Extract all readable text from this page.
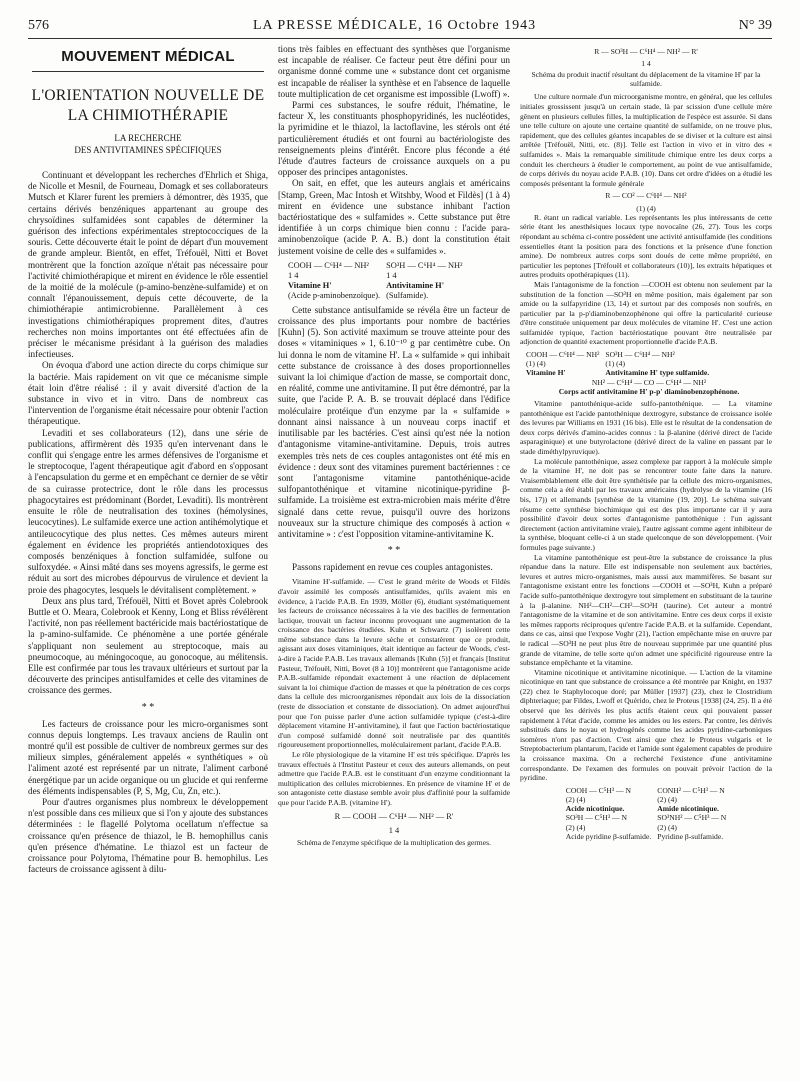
576	LA PRESSE MÉDICALE, 16 Octobre 1943	N° 39
MOUVEMENT MÉDICAL
L'ORIENTATION NOUVELLE DE LA CHIMIOTHÉRAPIE
LA RECHERCHE
DES ANTIVITAMINES SPÉCIFIQUES

Continuant et développant les recherches d'Ehrlich et Shiga, de Nicolle et Mesnil, de Fourneau, Domagk et ses collaborateurs Mutsch et Klarer furent les premiers à démontrer, dès 1935, que certains dérivés benzéniques appartenant au groupe des chrysoïdines sulfamidées sont capables de déterminer la guérison des infections expérimentales streptococciques de la souris. Cette découverte était le point de départ d'un mouvement de grande ampleur. Bientôt, en effet, Tréfouël, Nitti et Bovet montrèrent que la fonction azoïque n'était pas nécessaire pour l'activité chimiothérapique et mirent en évidence le rôle essentiel de la moitié de la molécule (p-amino-benzène-sulfamide) et on connaît l'épanouissement, depuis cette découverte, de la chimiothérapie antimicrobienne. Parallèlement à ces investigations chimiothérapiques proprement dites, d'autres recherches non moins importantes ont été effectuées afin de préciser le mécanisme présidant à la guérison des maladies infectieuses.

On évoqua d'abord une action directe du corps chimique sur la bactérie. Mais rapidement on vit que ce mécanisme simple était loin d'être réalisé : il y avait diversité d'action de la substance in vivo et in vitro. Dans de nombreux cas l'intervention de l'organisme était nécessaire pour obtenir l'action thérapeutique.

Levaditi et ses collaborateurs (12), dans une série de publications, affirmèrent dès 1935 qu'en intervenant dans le conflit qui s'engage entre les armes défensives de l'organisme et le streptocoque, l'agent thérapeutique agit d'abord en s'opposant à l'encapsulation du germe et en empêchant ce dernier de se vêtir de sa cuirasse protectrice, dont le rôle dans les processus phagocytaires est prédominant (Bordet, Levaditi). Ils montrèrent ensuite le rôle de neutralisation des toxines (hémolysines, leucocytines). Le sulfamide exerce une action antihémolytique et antileucocytique des plus nettes. Ces mêmes auteurs mirent également en évidence les propriétés antiendotoxiques des composés benzéniques à fonction sulfamidée, sulfone ou sulfoxydée. « Ainsi mâté dans ses moyens agressifs, le germe est réduit au sort des microbes dépourvus de virulence et devient la proie des phagocytes, lesquels le dévitalisent complètement. »

Deux ans plus tard, Tréfouël, Nitti et Bovet après Colebrook Buttle et O. Meara, Colebrook et Kenny, Long et Bliss révélèrent l'activité, non pas réellement bactéricide mais bactériostatique de la p-amino-sulfamide. Ce phénomène a une portée générale s'appliquant non seulement au streptocoque, mais au pneumocoque, au méningocoque, au gonocoque, au mélitensis. Elle est confirmée par tous les travaux ultérieurs et surtout par la découverte des principes antisulfamides et celle des vitamines de croissance des germes.

* *

Les facteurs de croissance pour les micro-organismes sont connus depuis longtemps. Les travaux anciens de Raulin ont montré qu'il est possible de cultiver de nombreux germes sur des milieux simples, généralement appelés « synthétiques » où l'aliment azoté est représenté par un nitrate, l'aliment carboné énergétique par un acide organique ou un glucide et qui renferme des éléments indispensables (P, S, Mg, Cu, Zn, etc.).

Pour d'autres organismes plus nombreux le développement n'est possible dans ces milieux que si l'on y ajoute des substances déterminées : le flagellé Polytoma ocellatum n'effectue sa croissance qu'en présence de thiazol, le B. hemophillus canis qu'en présence d'hématine. Le thiazol est un facteur de croissance pour Polytoma, l'hématine pour B. hemophilus. Les facteurs de croissance agissent à dilu-

tions très faibles en effectuant des synthèses que l'organisme est incapable de réaliser. Ce facteur peut être défini pour un organisme donné comme une « substance dont cet organisme est incapable de réaliser la synthèse et en l'absence de laquelle toute multiplication de cet organisme est impossible (Lwoff) ».

Parmi ces substances, le soufre réduit, l'hématine, le facteur X, les constituants phosphopyridinés, les nucléotides, la pyrimidine et le thiazol, la lactoflavine, les stérols ont été particulièrement étudiés et ont fourni au bactériologiste des renseignements pleins d'intérêt. Encore plus féconde a été l'étude d'autres facteurs de croissance auxquels on a pu opposer des principes antagonistes.

On sait, en effet, que les auteurs anglais et américains [Stamp, Green, Mac Intosh et Witshby, Wood et Fildès] (1 à 4) mirent en évidence une substance inhibant l'action bactériostatique des « sulfamides ». Cette substance put être identifiée à un corps chimique bien connu : l'acide para-aminobenzoïque (acide P. A. B.) dont la constitution était justement voisine de celle des « sulfamides ».

COOH — C⁶H⁴ — NH²	SO³H — C⁶H⁴ — NH²
1 4	1 4
Vitamine H'	Antivitamine H'
(Acide p-aminobenzoïque).	(Sulfamide).

Cette substance antisulfamide se révéla être un facteur de croissance des plus importants pour nombre de bactéries [Kuhn] (5). Son activité maximum se trouve atteinte pour des doses « vitaminiques » 1, 6.10⁻¹⁰ g par centimètre cube. On lui donna le nom de vitamine H'. La « sulfamide » qui inhibait cette substance de croissance à des doses proportionnelles suivant la loi chimique d'action de masse, se comportait donc, en réalité, comme une antivitamine. Il put être démontré, par la suite, que l'acide P. A. B. se trouvait déplacé dans l'édifice moléculaire protéique d'un enzyme par la « sulfamide » donnant ainsi naissance à un nouveau corps inactif et inutilisable par les bactéries. C'est ainsi qu'est née la notion d'antagonisme vitamine-antivitamine. Depuis, trois autres exemples très nets de ces couples antagonistes ont été mis en évidence : deux sont des vitamines purement bactériennes : ce sont l'antagonisme vitamine pantothénique-acide sulfopantothénique et vitamine nicotinique-pyridine β-sulfamide. La troisième est extra-microbien mais mérite d'être signalé dans cette revue, puisqu'il ouvre des horizons nouveaux sur la structure chimique des composés à action « antivitamine » : c'est l'opposition vitamine-antivitamine K.

* *

Passons rapidement en revue ces couples antagonistes.

Vitamine H'-sulfamide. — C'est le grand mérite de Woods et Fildès d'avoir assimilé les composés antisulfamides, qu'ils avaient mis en évidence, à l'acide P.A.B. En 1939, Möller (6), étudiant systématiquement les facteurs de croissance nécessaires à la vie des bacilles de fermentation lactique, trouvait un facteur inconnu provoquant une augmentation de la croissance des bactéries étudiées. Kuhn et Schwartz (7) isolèrent cette même substance dans la levure sèche et constatèrent que ce produit, agissant aux doses vitaminiques, était identique au facteur de Woods, c'est-à-dire à l'acide P.A.B. Les travaux allemands [Kuhn (5)] et français [Institut Pasteur, Tréfouël, Nitti, Bovet (8 à 10)] montrèrent que l'antagonisme acide P.A.B.-sulfamide répondait exactement à une réaction de déplacement suivant la loi chimique d'action de masses et que la pénétration de ces corps dans la cellule des microorganismes répondait aux lois de la dissociation (reste de dissociation et constante de dissociation). On admet aujourd'hui pour que l'on puisse parler d'une action sulfamidée typique (c'est-à-dire déplacement vitamine H'-antivitamine), il faut que l'action bactériostatique d'un composé sulfamidé donné soit neutralisée par des quantités rigoureusement proportionnelles, moléculairement parlant, d'acide P.A.B.

Le rôle physiologique de la vitamine H' est très spécifique. D'après les travaux effectués à l'Institut Pasteur et ceux des auteurs allemands, on peut admettre que l'acide P.A.B. est le constituant d'un enzyme conditionnant la multiplication des cellules microbiennes. En présence de vitamine H' et de son antagoniste cette diastase semble avoir plus d'affinité pour la sulfamide que pour l'acide P.A.B. (vitamine H').

R — COOH — C⁶H⁴ — NH² — R'
1 4
Schéma de l'enzyme spécifique de la multiplication des germes.
R — SO³H — C⁶H⁴ — NH² — R'
1 4
Schéma du produit inactif résultant du déplacement de la vitamine H' par la sulfamide.

Une culture normale d'un microorganisme montre, en général, que les cellules initiales grossissent jusqu'à un certain stade, là par scission d'une cellule mère gênent en plusieurs cellules filles, la multiplication de l'espèce est assurée. Si dans une telle culture on ajoute une certaine quantité de sulfamide, on ne trouve plus, rapidement, que des cellules géantes incapables de se diviser et la culture est ainsi arrêtée [Tréfouël, Nitti, etc. (8)]. Telle est l'action in vivo et in vitro des « sulfamides ». Mais la remarquable similitude chimique entre les deux corps a conduit les chercheurs à étudier le comportement, au point de vue antisulfamide, de corps dérivés du noyau acide P.A.B. (10). Dans cet ordre d'idées on a étudié les composés présentant la formule générale

R — CO² — C⁶H⁴ — NH²
(1) (4)

R. étant un radical variable. Les représentants les plus intéressants de cette série étant les anesthésiques locaux type novocaïne (26, 27). Tous les corps répondant au schéma ci-contre possèdent une activité antisulfamide (les conditions essentielles étant la position para des fonctions et la présence d'une fonction amine). De nombreux autres corps sont doués de cette même propriété, en particulier les peptones [Tréfouël et collaborateurs (10)], les extraits hépatiques et autres produits opothérapiques (11).

Mais l'antagonisme de la fonction —COOH est obtenu non seulement par la substitution de la fonction —SO³H en même position, mais également par son amide ou la sulfapyridine (13, 14) et surtout par des composés non soufrés, en particulier par la p-p'diaminobenzophénone qui offre la particularité curieuse d'être constituée uniquement par deux molécules de vitamine H'. C'est une action sulfamidée typique, l'action bactériostatique pouvant être neutralisée par adjonction de quantité exactement proportionnelle d'acide P.A.B.

COOH — C⁶H⁴ — NH²	SO³H — C⁶H⁴ — NH²
(1) (4)	(1) (4)
Vitamine H'	Antivitamine H' type sulfamide.
NH² — C⁶H⁴ — CO — C⁶H⁴ — NH²
Corps actif antivitamine H' p-p' diaminobenzophénone.

Vitamine pantothénique-acide sulfo-pantothénique. — La vitamine pantothénique est l'acide pantothénique dextrogyre, substance de croissance isolée des levures par Williams en 1931 (16 bis). Elle est le résultat de la condensation de deux corps dérivés d'amino-acides connus : la β-alanine (dérivé direct de l'acide asparaginique) et une butyrolactone (dérivé direct de la valine en passant par le stade diméthylpyruvique).

La molécule pantothénique, assez complexe par rapport à la molécule simple de la vitamine H', ne doit pas se rencontrer toute faite dans la nature. Vraisemblablement elle doit être synthétisée par la cellule des micro-organismes, comme cela a été établi par les travaux américains (hydrolyse de la vitamine (16 bis, 17)) et allemands [synthèse de la vitamine (19, 20)]. Le schéma suivant résume cette synthèse biochimique qui est des plus importante car il y aura possibilité d'avoir deux sortes d'antagonisme pantothénique : l'un agissant directement (action antivitamine vraie), l'autre agissant comme agent inhibiteur de la synthèse, bloquant celle-ci à un stade quelconque de son développement. (Voir formules page suivante.)

La vitamine pantothénique est peut-être la substance de croissance la plus répandue dans la nature. Elle est indispensable non seulement aux bactéries, levures et autres micro-organismes, mais aussi aux mammifères. Se basant sur l'antagonisme existant entre les fonctions —COOH et —SO³H, Kuhn a préparé l'acide sulfo-pantothénique dextrogyre tout simplement en substituant de la taurine à la β-alanine. NH²—CH²—CH²—SO³H (taurine). Cet auteur a montré l'antagonisme de la vitamine et de son antivitamine. Entre ces deux corps il existe les mêmes rapports réciproques qu'entre l'acide P.A.B. et la sulfamide. Cependant, dans ce cas, ainsi que l'expose Voghr (21), l'action empêchante mise en œuvre par le radical —SO³H ne peut plus être de nouveau supprimée par une quantité plus grande de vitamine, de telle sorte qu'on admet une spécificité rigoureuse entre la substance empêchante et la vitamine.

Vitamine nicotinique et antivitamine nicotinique. — L'action de la vitamine nicotinique en tant que substance de croissance a été montrée par Knight, en 1937 (22) chez le Staphylocoque doré; par Müller [1937] (23), chez le Clostridium diphteriaque; par Fildes, Lwoff et Quérido, chez le Proteus [1938] (24, 25). Il a été observé que les dérivés les plus actifs étaient ceux qui pouvaient passer rapidement à l'état d'acide, comme les amides ou les esters. Par contre, les dérivés substitués dans le noyau et hydrogénés comme les acides pyridine-carboniques isomères n'ont pas d'action. C'est ainsi que chez le Proteus vulgaris et le Streptobacterium plantarum, l'acide et l'amide sont également capables de produire la croissance maxima. On a recherché l'existence d'une antivitamine correspondante. De l'examen des formules on pouvait prévoir l'action de la pyridine.

COOH — C⁵H³ — N	CONH² — C⁵H³ — N
(2) (4)	(2) (4)
Acide nicotinique.	Amide nicotinique.
SO³H — C⁵H³ — N	SO³NH² — C⁵H³ — N
(2) (4)	(2) (4)
Acide pyridine β-sulfamide.	Pyridine β-sulfamide.
